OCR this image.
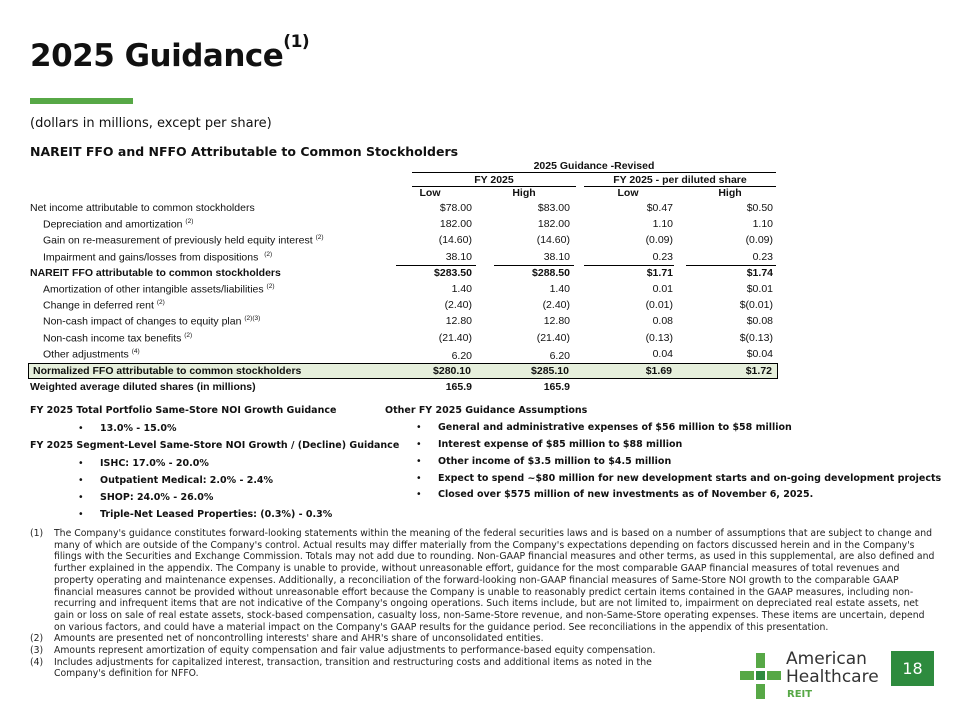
2025 Guidance$^{(1)}$
(dollars in millions, except per share)
NAREIT FFO and NFFO Attributable to Common Stockholders
2025 Guidance -Revised
FY 2025	FY 2025 - per diluted share
Low	High	Low	High
Net income attributable to common stockholders	$78.00	$83.00	$0.47	$0.50
Depreciation and amortization $^{(2)}$	182.00	182.00	1.10	1.10
Gain on re-measurement of previously held equity interest $^{(2)}$	(14.60)	(14.60)	(0.09)	(0.09)
Impairment and gains/losses from dispositions $^{(2)}$	38.10	38.10	0.23	0.23
NAREIT FFO attributable to common stockholders	$283.50	$288.50	$1.71	$1.74
Amortization of other intangible assets/liabilities $^{(2)}$	1.40	1.40	0.01	$0.01
Change in deferred rent $^{(2)}$	(2.40)	(2.40)	(0.01)	$(0.01)
Non-cash impact of changes to equity plan $^{(2)(3)}$	12.80	12.80	0.08	$0.08
Non-cash income tax benefits $^{(2)}$	(21.40)	(21.40)	(0.13)	$(0.13)
Other adjustments $^{(4)}$	6.20	6.20	0.04	$0.04
Normalized FFO attributable to common stockholders	$280.10	$285.10	$1.69	$1.72
Weighted average diluted shares (in millions)	165.9	165.9
FY 2025 Total Portfolio Same-Store NOI Growth Guidance
• 13.0% - 15.0%
FY 2025 Segment-Level Same-Store NOI Growth / (Decline) Guidance
• ISHC: 17.0% - 20.0%
• Outpatient Medical: 2.0% - 2.4%
• SHOP: 24.0% - 26.0%
• Triple-Net Leased Properties: (0.3%) - 0.3%
Other FY 2025 Guidance Assumptions
• General and administrative expenses of $56 million to $58 million
• Interest expense of $85 million to $88 million
• Other income of $3.5 million to $4.5 million
• Expect to spend ~$80 million for new development starts and on-going development projects
• Closed over $575 million of new investments as of November 6, 2025.
(1) The Company's guidance constitutes forward-looking statements within the meaning of the federal securities laws and is based on a number of assumptions that are subject to change and many of which are outside of the Company's control. Actual results may differ materially from the Company's expectations depending on factors discussed herein and in the Company's filings with the Securities and Exchange Commission. Totals may not add due to rounding. Non-GAAP financial measures and other terms, as used in this supplemental, are also defined and further explained in the appendix. The Company is unable to provide, without unreasonable effort, guidance for the most comparable GAAP financial measures of total revenues and property operating and maintenance expenses. Additionally, a reconciliation of the forward-looking non-GAAP financial measures of Same-Store NOI growth to the comparable GAAP financial measures cannot be provided without unreasonable effort because the Company is unable to reasonably predict certain items contained in the GAAP measures, including non-recurring and infrequent items that are not indicative of the Company's ongoing operations. Such items include, but are not limited to, impairment on depreciated real estate assets, net gain or loss on sale of real estate assets, stock-based compensation, casualty loss, non-Same-Store revenue, and non-Same-Store operating expenses. These items are uncertain, depend on various factors, and could have a material impact on the Company's GAAP results for the guidance period. See reconciliations in the appendix of this presentation.
(2) Amounts are presented net of noncontrolling interests' share and AHR's share of unconsolidated entities.
(3) Amounts represent amortization of equity compensation and fair value adjustments to performance-based equity compensation.
(4) Includes adjustments for capitalized interest, transaction, transition and restructuring costs and additional items as noted in the Company's definition for NFFO.
American
Healthcare
REIT
18
